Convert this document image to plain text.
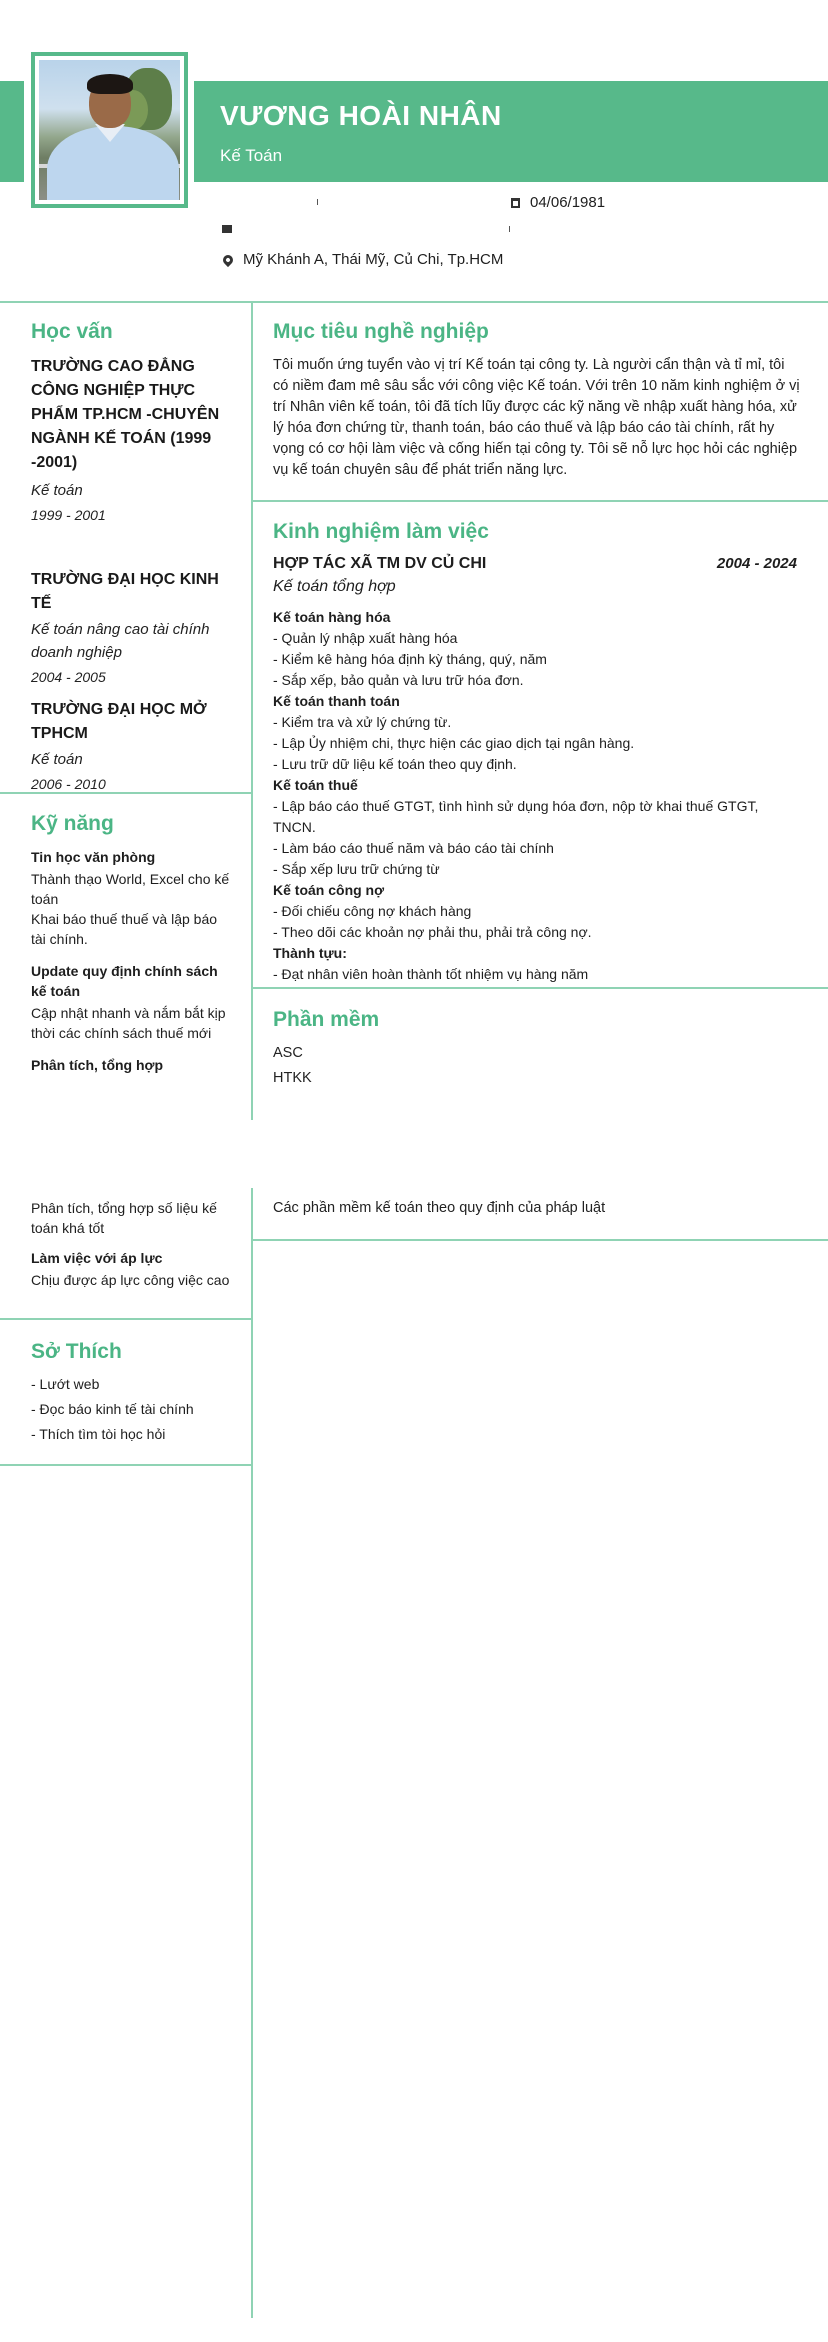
VƯƠNG HOÀI NHÂN
Kế Toán
04/06/1981
Mỹ Khánh A, Thái Mỹ, Củ Chi, Tp.HCM
Học vấn
TRƯỜNG CAO ĐẲNG CÔNG NGHIỆP THỰC PHẨM TP.HCM -CHUYÊN NGÀNH KẾ TOÁN (1999 -2001)
Kế toán
1999 - 2001
TRƯỜNG ĐẠI HỌC KINH TẾ
Kế toán nâng cao tài chính doanh nghiệp
2004 - 2005
TRƯỜNG ĐẠI HỌC MỞ TPHCM
Kế toán
2006 - 2010
Mục tiêu nghề nghiệp
Tôi muốn ứng tuyển vào vị trí Kế toán tại công ty. Là người cẩn thận và tỉ mỉ, tôi có niềm đam mê sâu sắc với công việc Kế toán. Với trên 10 năm kinh nghiệm ở vị trí Nhân viên kế toán, tôi đã tích lũy được các kỹ năng về nhập xuất hàng hóa, xử lý hóa đơn chứng từ, thanh toán, báo cáo thuế và lập báo cáo tài chính, rất hy vọng có cơ hội làm việc và cống hiến tại công ty. Tôi sẽ nỗ lực học hỏi các nghiệp vụ kế toán chuyên sâu để phát triển năng lực.
Kinh nghiệm làm việc
HỢP TÁC XÃ TM DV CỦ CHI	2004 - 2024
Kế toán tổng hợp
Kế toán hàng hóa
- Quản lý nhập xuất hàng hóa
- Kiểm kê hàng hóa định kỳ tháng, quý, năm
- Sắp xếp, bảo quản và lưu trữ hóa đơn.
Kế toán thanh toán
- Kiểm tra và xử lý chứng từ.
- Lập Ủy nhiệm chi, thực hiện các giao dịch tại ngân hàng.
- Lưu trữ dữ liệu kế toán theo quy định.
Kế toán thuế
- Lập báo cáo thuế GTGT, tình hình sử dụng hóa đơn, nộp tờ khai thuế GTGT, TNCN.
- Làm báo cáo thuế năm và báo cáo tài chính
- Sắp xếp lưu trữ chứng từ
Kế toán công nợ
- Đối chiếu công nợ khách hàng
- Theo dõi các khoản nợ phải thu, phải trả công nợ.
Thành tựu:
- Đạt nhân viên hoàn thành tốt nhiệm vụ hàng năm
Kỹ năng
Tin học văn phòng
Thành thạo World, Excel cho kế toán
Khai báo thuế thuế và lập báo tài chính.
Update quy định chính sách kế toán
Cập nhật nhanh và nắm bắt kịp thời các chính sách thuế mới
Phân tích, tổng hợp
Phân tích, tổng hợp số liệu kế toán khá tốt
Làm việc với áp lực
Chịu được áp lực công việc cao
Phần mềm
ASC
HTKK
Các phần mềm kế toán theo quy định của pháp luật
Sở Thích
- Lướt web
- Đọc báo kinh tế tài chính
- Thích tìm tòi học hỏi
